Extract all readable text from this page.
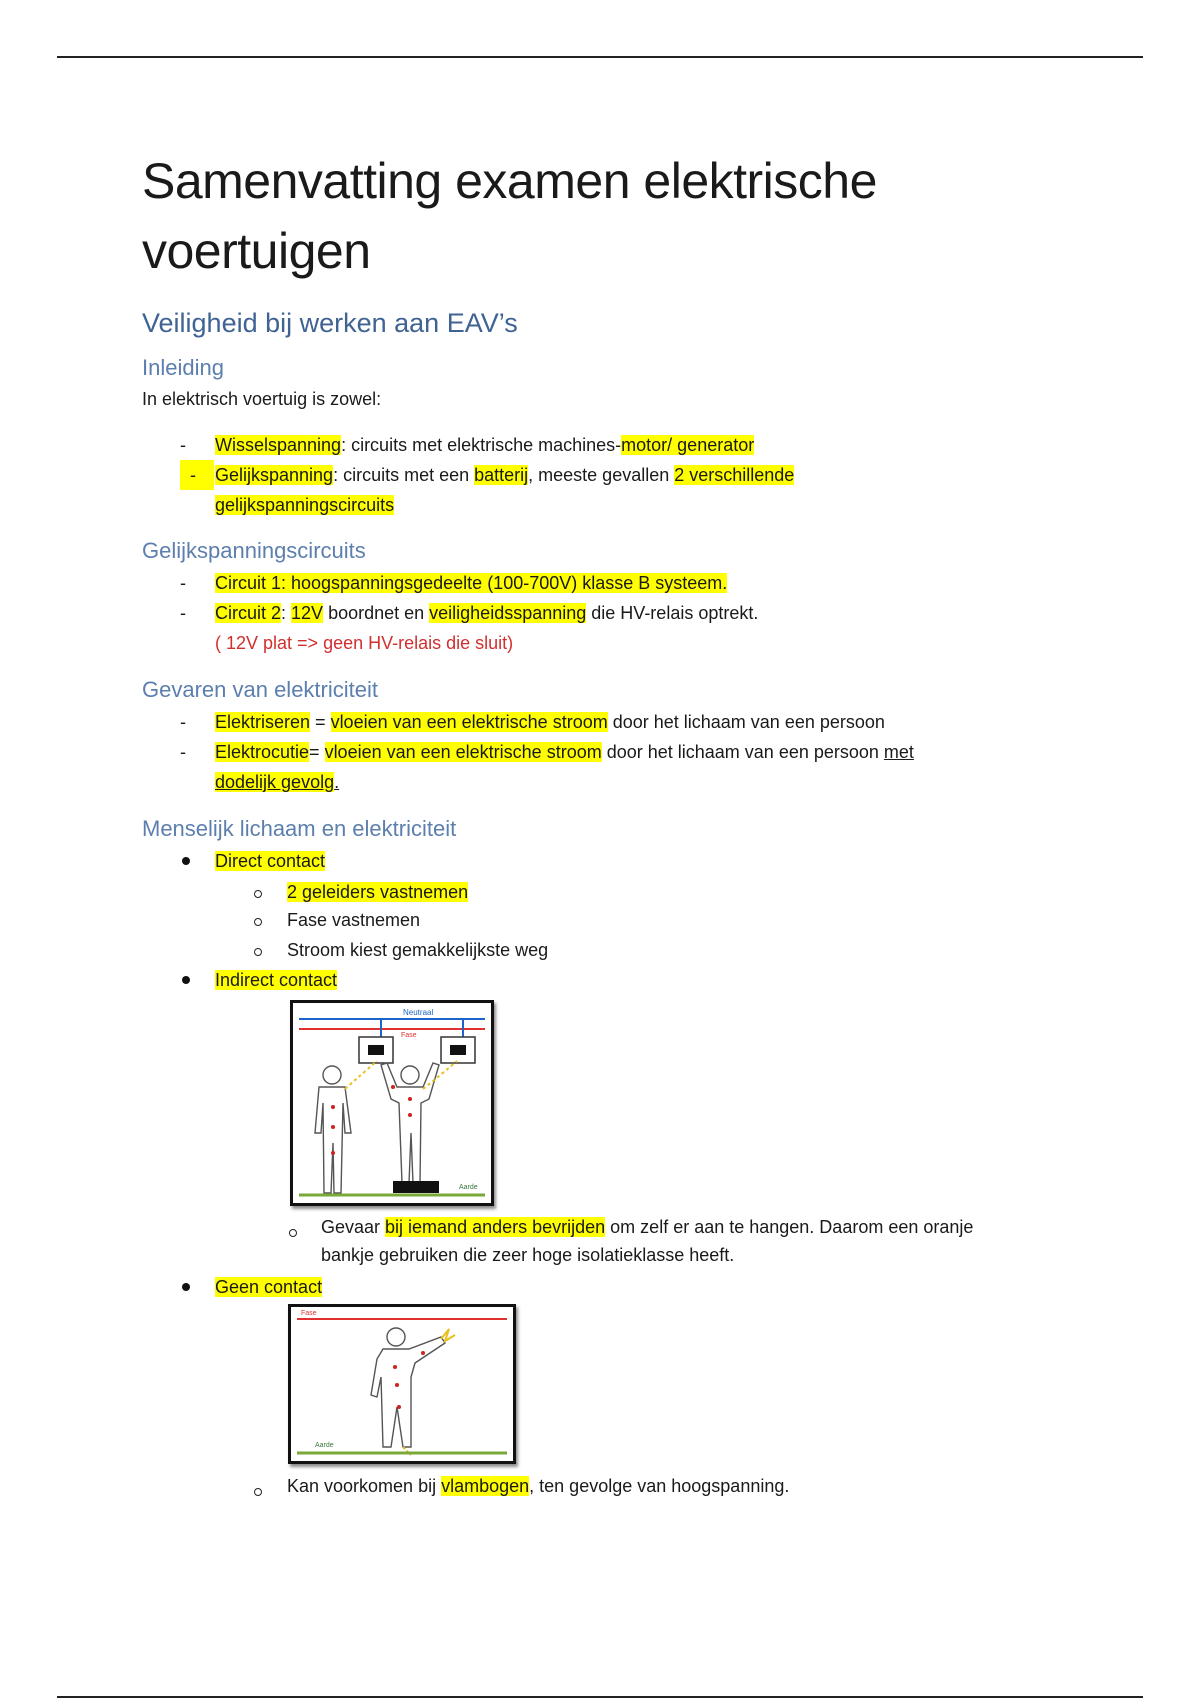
Samenvatting examen elektrische
voertuigen
Veiligheid bij werken aan EAV’s
Inleiding

In elektrisch voertuig is zowel:

- Wisselspanning: circuits met elektrische machines-motor/ generator
-	Gelijkspanning: circuits met een batterij, meeste gevallen 2 verschillende
gelijkspanningscircuits
Gelijkspanningscircuits
- Circuit 1: hoogspanningsgedeelte (100-700V) klasse B systeem.
- Circuit 2: 12V boordnet en veiligheidsspanning die HV-relais optrekt.
( 12V plat => geen HV-relais die sluit)
Gevaren van elektriciteit
- Elektriseren = vloeien van een elektrische stroom door het lichaam van een persoon
- Elektrocutie= vloeien van een elektrische stroom door het lichaam van een persoon met
dodelijk gevolg.
Menselijk lichaam en elektriciteit
Direct contact
2 geleiders vastnemen
Fase vastnemen
Stroom kiest gemakkelijkste weg
Indirect contact
Neutraal
Fase
Aarde
Gevaar bij iemand anders bevrijden om zelf er aan te hangen. Daarom een oranje
bankje gebruiken die zeer hoge isolatieklasse heeft.
Geen contact
Fase
Aarde
Kan voorkomen bij vlambogen, ten gevolge van hoogspanning.
